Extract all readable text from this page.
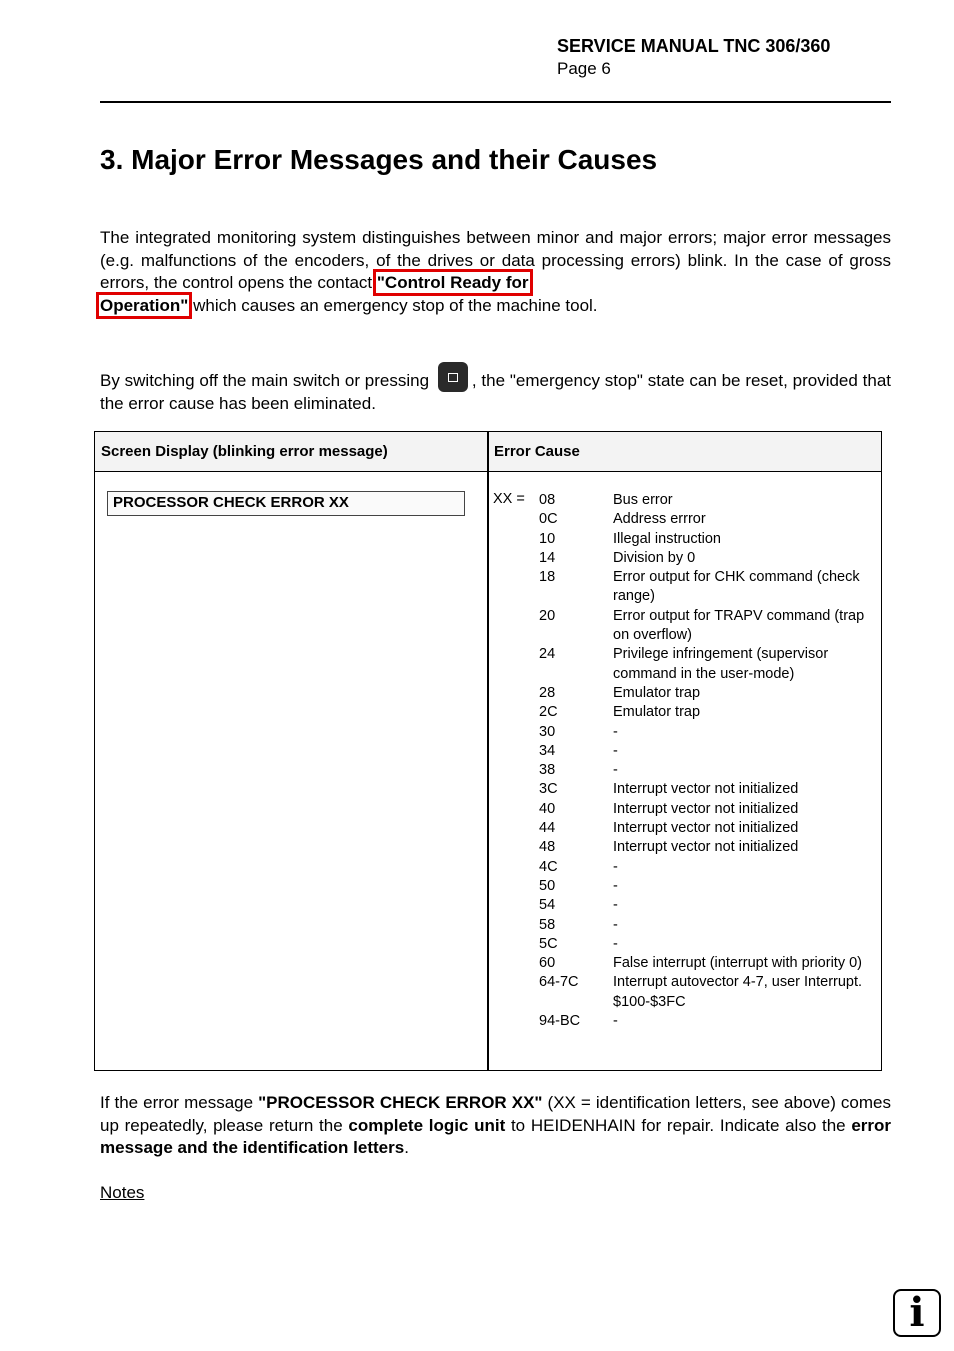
SERVICE MANUAL TNC 306/360
Page 6
3. Major Error Messages and their Causes

The integrated monitoring system distinguishes between minor and major errors; major error messages (e.g. malfunctions of the encoders, of the drives or data processing errors) blink. In the case of gross errors, the control opens the contact "Control Ready for
Operation" which causes an emergency stop of the machine tool.

By switching off the main switch or pressing	, the "emergency stop" state can be reset, provided that the error cause has been eliminated.

Screen Display (blinking error message)	Error Cause
PROCESSOR CHECK ERROR XX	XX = 08	Bus error
0C	Address errror
10	Illegal instruction
14	Division by 0
18	Error output for CHK command (check range)
20	Error output for TRAPV command (trap on overflow)
24	Privilege infringement (supervisor command in the user-mode)
28	Emulator trap
2C	Emulator trap
30	-
34	-
38	-
3C	Interrupt vector not initialized
40	Interrupt vector not initialized
44	Interrupt vector not initialized
48	Interrupt vector not initialized
4C	-
50	-
54	-
58	-
5C	-
60	False interrupt (interrupt with priority 0)
64-7C Interrupt autovector 4-7, user Interrupt. $100-$3FC
94-BC -

If the error message "PROCESSOR CHECK ERROR XX" (XX = identification letters, see above) comes up repeatedly, please return the complete logic unit to HEIDENHAIN for repair. Indicate also the error message and the identification letters.

Notes
i
